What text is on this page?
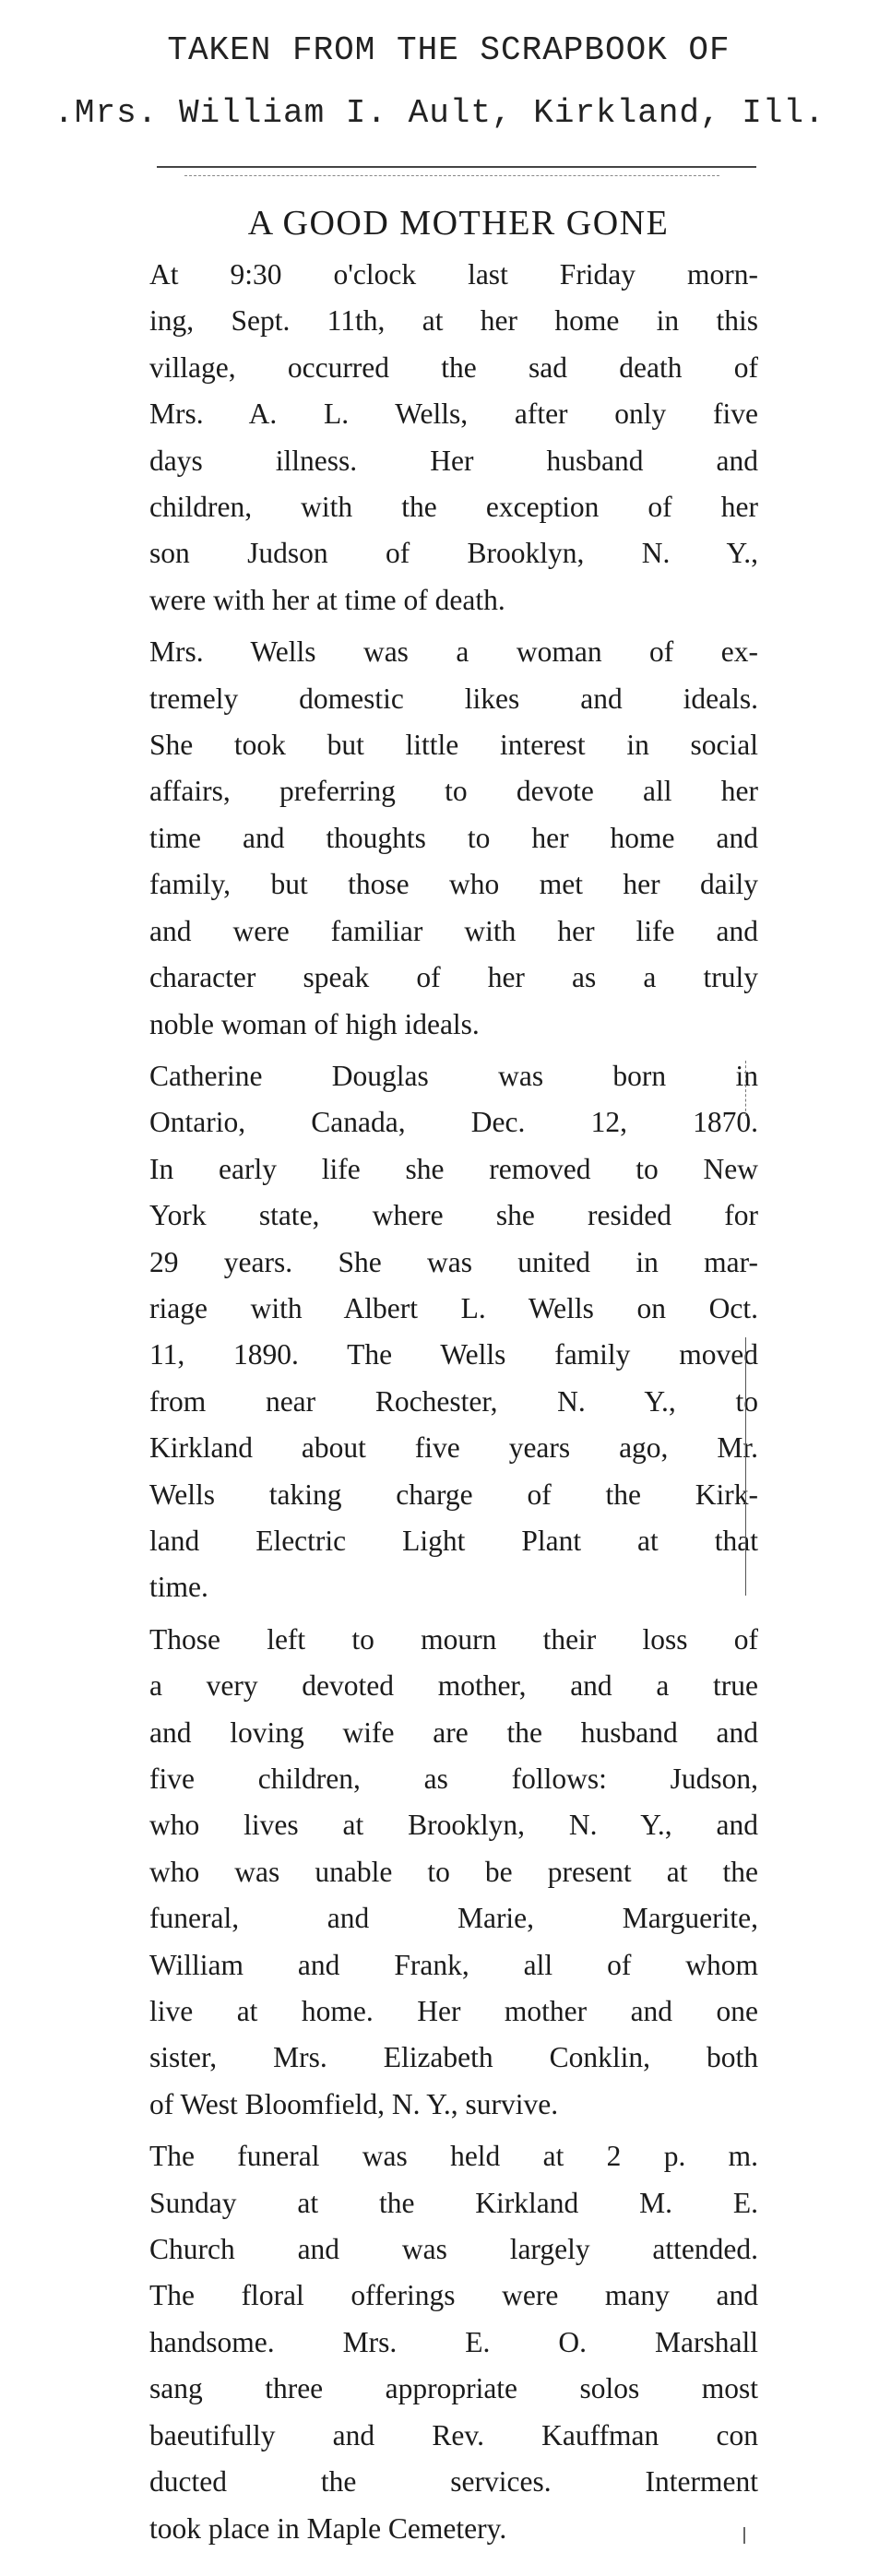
TAKEN FROM THE SCRAPBOOK OF
.Mrs. William I. Ault, Kirkland, Ill.
A GOOD MOTHER GONE
At 9:30 o'clock last Friday morn-
ing, Sept. 11th, at her home in this
village, occurred the sad death of
Mrs. A. L. Wells, after only five
days illness. Her husband and
children, with the exception of her
son Judson of Brooklyn, N. Y.,
were with her at time of death.
Mrs. Wells was a woman of ex-
tremely domestic likes and ideals.
She took but little interest in social
affairs, preferring to devote all her
time and thoughts to her home and
family, but those who met her daily
and were familiar with her life and
character speak of her as a truly
noble woman of high ideals.
Catherine Douglas was born in
Ontario, Canada, Dec. 12, 1870.
In early life she removed to New
York state, where she resided for
29 years. She was united in mar-
riage with Albert L. Wells on Oct.
11, 1890. The Wells family moved
from near Rochester, N. Y., to
Kirkland about five years ago, Mr.
Wells taking charge of the Kirk-
land Electric Light Plant at that
time.
Those left to mourn their loss of
a very devoted mother, and a true
and loving wife are the husband and
five children, as follows: Judson,
who lives at Brooklyn, N. Y., and
who was unable to be present at the
funeral, and Marie, Marguerite,
William and Frank, all of whom
live at home. Her mother and one
sister, Mrs. Elizabeth Conklin, both
of West Bloomfield, N. Y., survive.
The funeral was held at 2 p. m.
Sunday at the Kirkland M. E.
Church and was largely attended.
The floral offerings were many and
handsome. Mrs. E. O. Marshall
sang three appropriate solos most
baeutifully and Rev. Kauffman con
ducted the services. Interment
took place in Maple Cemetery.
